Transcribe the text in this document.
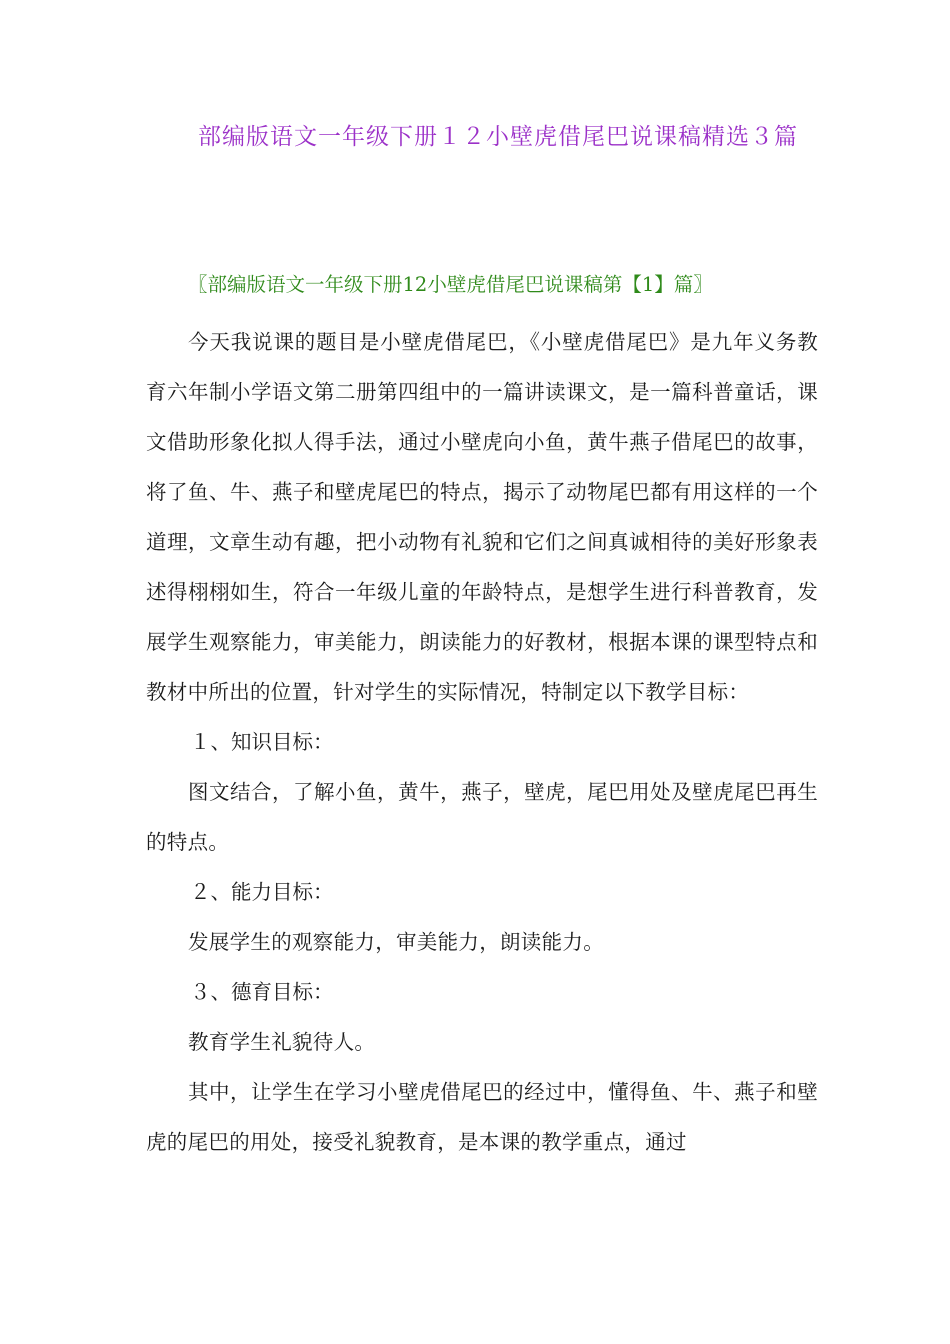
部编版语文一年级下册１２小壁虎借尾巴说课稿精选３篇

〖部编版语文一年级下册12小壁虎借尾巴说课稿第【1】篇〗

今天我说课的题目是小壁虎借尾巴，《小壁虎借尾巴》是九年义务教育六年制小学语文第二册第四组中的一篇讲读课文，是一篇科普童话，课文借助形象化拟人得手法，通过小壁虎向小鱼，黄牛燕子借尾巴的故事，将了鱼、牛、燕子和壁虎尾巴的特点，揭示了动物尾巴都有用这样的一个道理，文章生动有趣，把小动物有礼貌和它们之间真诚相待的美好形象表述得栩栩如生，符合一年级儿童的年龄特点，是想学生进行科普教育，发展学生观察能力，审美能力，朗读能力的好教材，根据本课的课型特点和教材中所出的位置，针对学生的实际情况，特制定以下教学目标：

１、知识目标：

图文结合，了解小鱼，黄牛，燕子，壁虎，尾巴用处及壁虎尾巴再生的特点。

２、能力目标：

发展学生的观察能力，审美能力，朗读能力。

３、德育目标：

教育学生礼貌待人。

其中，让学生在学习小壁虎借尾巴的经过中，懂得鱼、牛、燕子和壁虎的尾巴的用处，接受礼貌教育，是本课的教学重点，通过
